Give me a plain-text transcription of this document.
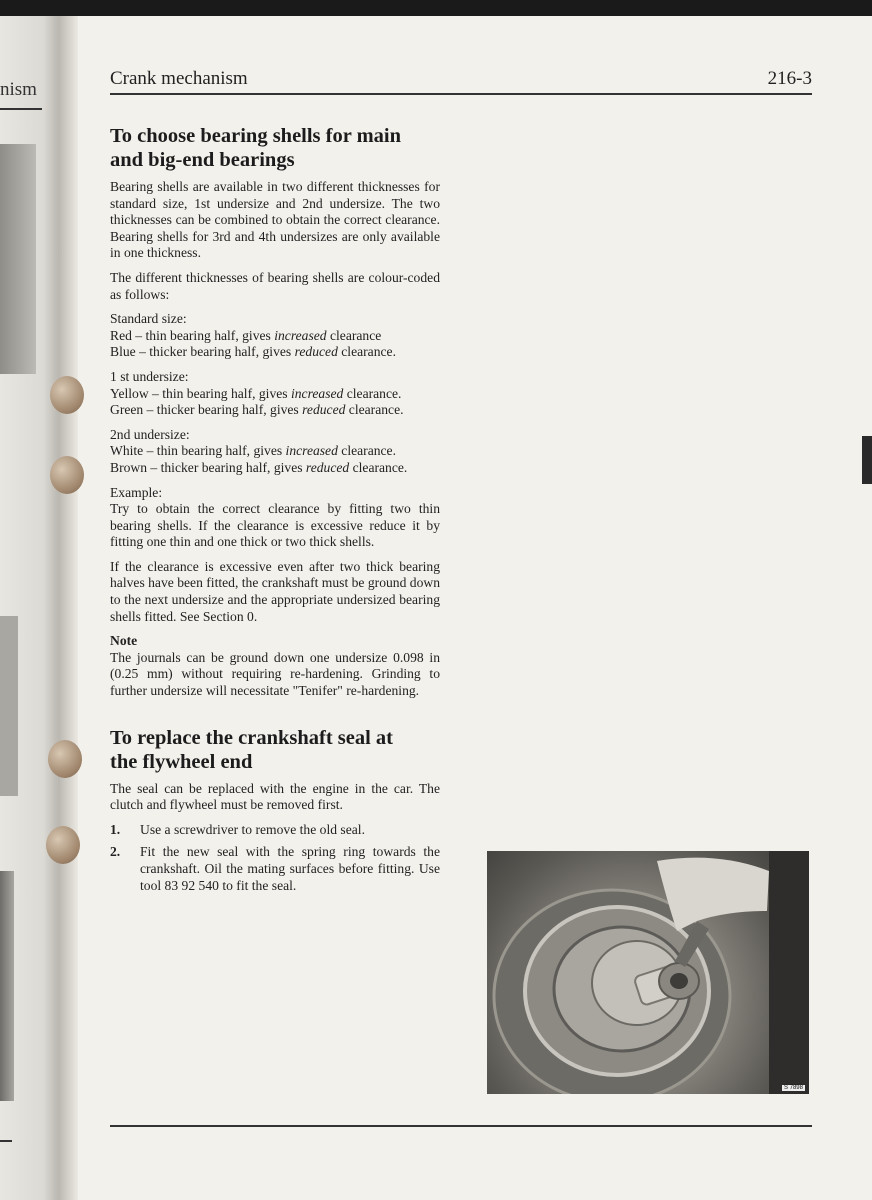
nism
Crank mechanism	216-3
To choose bearing shells for main
and big-end bearings

Bearing shells are available in two different thicknesses for standard size, 1st undersize and 2nd undersize. The two thicknesses can be combined to obtain the correct clearance. Bearing shells for 3rd and 4th undersizes are only available in one thickness.

The different thicknesses of bearing shells are colour-coded as follows:

Standard size:
Red – thin bearing half, gives increased clearance
Blue – thicker bearing half, gives reduced clearance.

1 st undersize:
Yellow – thin bearing half, gives increased clearance.
Green – thicker bearing half, gives reduced clearance.

2nd undersize:
White – thin bearing half, gives increased clearance.
Brown – thicker bearing half, gives reduced clearance.

Example:
Try to obtain the correct clearance by fitting two thin bearing shells. If the clearance is excessive reduce it by fitting one thin and one thick or two thick shells.

If the clearance is excessive even after two thick bearing halves have been fitted, the crankshaft must be ground down to the next undersize and the appropriate undersized bearing shells fitted. See Section 0.

Note
The journals can be ground down one undersize 0.098 in (0.25 mm) without requiring re-hardening. Grinding to further undersize will necessitate "Tenifer" re-hardening.

To replace the crankshaft seal at
the flywheel end

The seal can be replaced with the engine in the car. The clutch and flywheel must be removed first.

1.	Use a screwdriver to remove the old seal.
2.	Fit the new seal with the spring ring towards the crankshaft. Oil the mating surfaces before fitting. Use tool 83 92 540 to fit the seal.
S 7898
